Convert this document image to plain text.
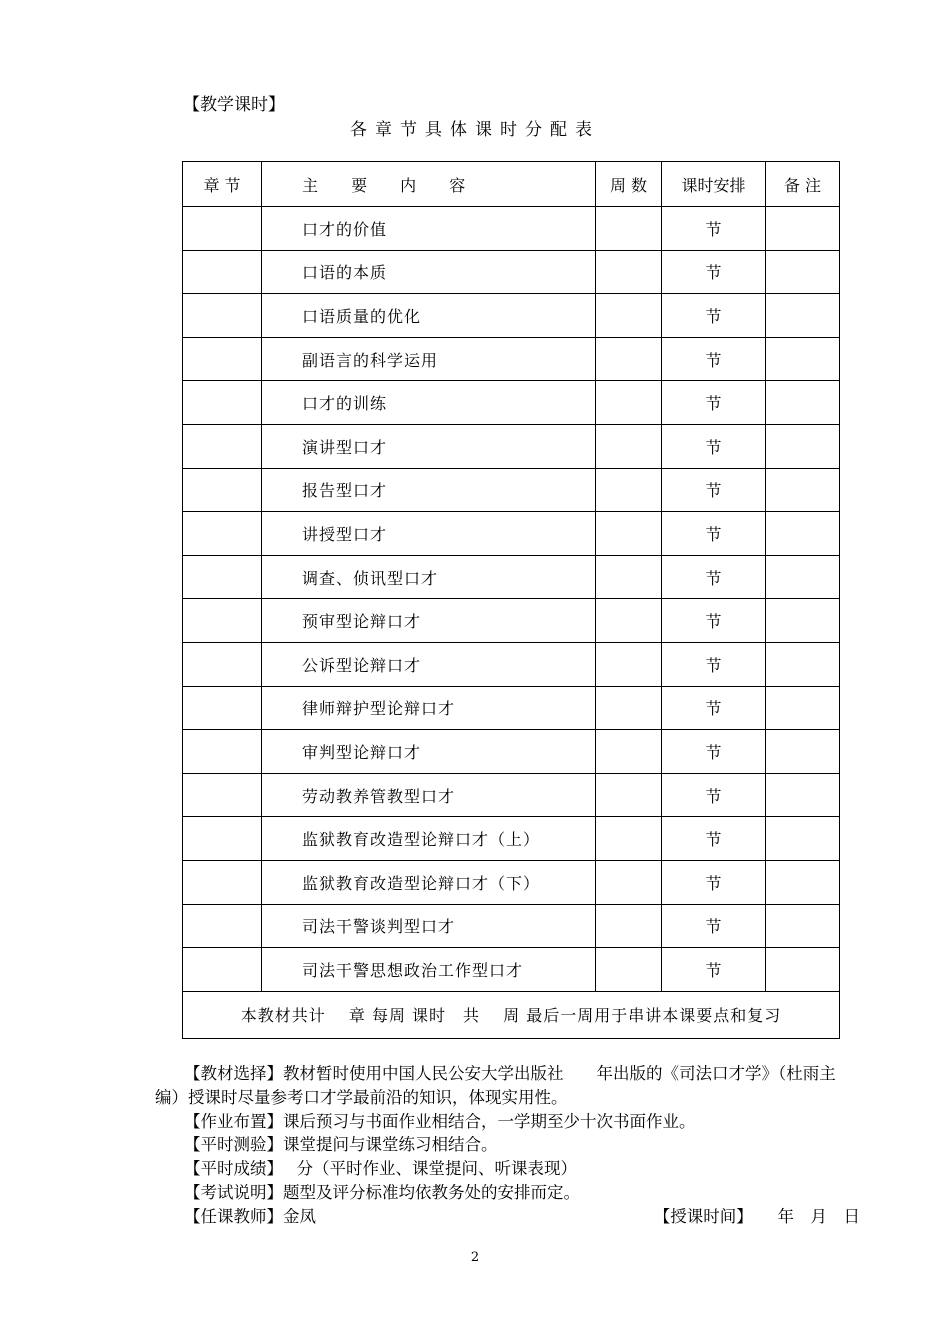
【教学课时】
各章节具体课时分配表
章 节	主 要 内 容	周 数	课时安排	备 注
	口才的价值		节	
	口语的本质		节	
	口语质量的优化		节	
	副语言的科学运用		节	
	口才的训练		节	
	演讲型口才		节	
	报告型口才		节	
	讲授型口才		节	
	调查、侦讯型口才		节	
	预审型论辩口才		节	
	公诉型论辩口才		节	
	律师辩护型论辩口才		节	
	审判型论辩口才		节	
	劳动教养管教型口才		节	
	监狱教育改造型论辩口才（上）		节	
	监狱教育改造型论辩口才（下）		节	
	司法干警谈判型口才		节	
	司法干警思想政治工作型口才		节	
本教材共计　 章 每周 课时　共　 周 最后一周用于串讲本课要点和复习				

【教材选择】教材暂时使用中国人民公安大学出版社　　年出版的《司法口才学》（杜雨主编）授课时尽量参考口才学最前沿的知识，体现实用性。

【作业布置】课后预习与书面作业相结合，一学期至少十次书面作业。

【平时测验】课堂提问与课堂练习相结合。

【平时成绩】　 分（平时作业、课堂提问、听课表现）

【考试说明】题型及评分标准均依教务处的安排而定。

【任课教师】金凤	【授课时间】　　年　月　日

2
